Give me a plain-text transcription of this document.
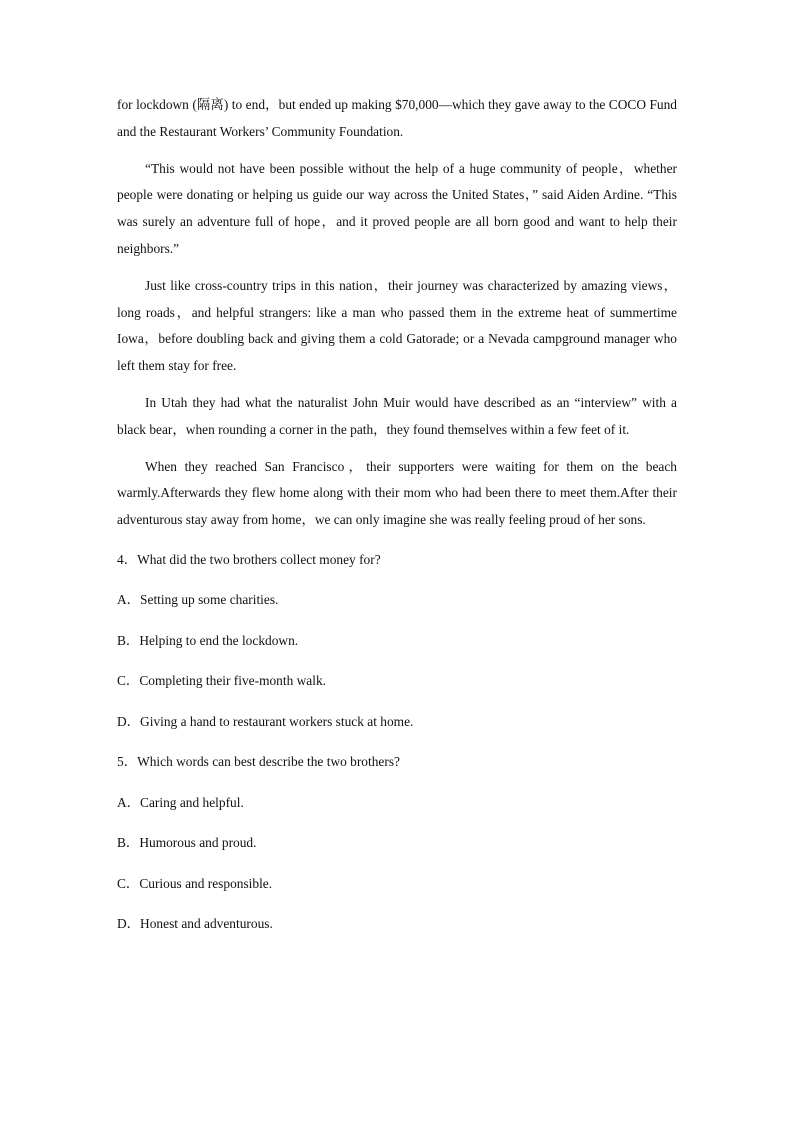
for lockdown (隔离) to end，but ended up making $70,000—which they gave away to the COCO Fund and the Restaurant Workers’ Community Foundation.

“This would not have been possible without the help of a huge community of people，whether people were donating or helping us guide our way across the United States，” said Aiden Ardine. “This was surely an adventure full of hope，and it proved people are all born good and want to help their neighbors.”

Just like cross-country trips in this nation，their journey was characterized by amazing views，long roads，and helpful strangers: like a man who passed them in the extreme heat of summertime Iowa，before doubling back and giving them a cold Gatorade; or a Nevada campground manager who left them stay for free.

In Utah they had what the naturalist John Muir would have described as an “interview” with a black bear，when rounding a corner in the path，they found themselves within a few feet of it.

When they reached San Francisco，their supporters were waiting for them on the beach warmly.Afterwards they flew home along with their mom who had been there to meet them.After their adventurous stay away from home，we can only imagine she was really feeling proud of her sons.

4．What did the two brothers collect money for?

A．Setting up some charities.

B．Helping to end the lockdown.

C．Completing their five-month walk.

D．Giving a hand to restaurant workers stuck at home.

5．Which words can best describe the two brothers?

A．Caring and helpful.

B．Humorous and proud.

C．Curious and responsible.

D．Honest and adventurous.
